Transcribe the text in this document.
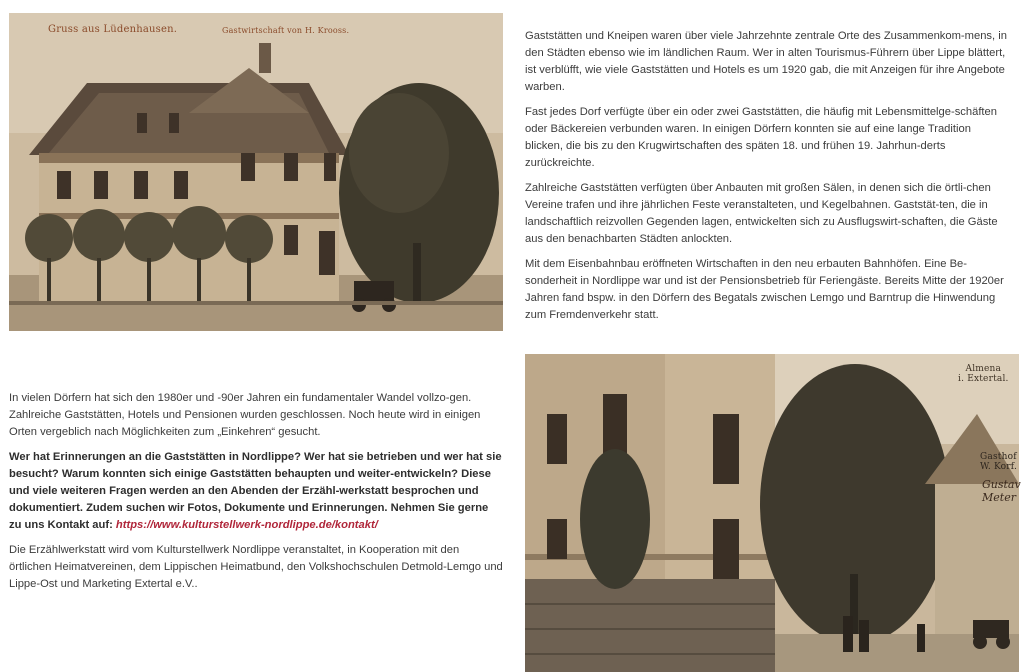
Gruss aus Lüdenhausen.	Gastwirtschaft von H. Krooss.	Gaststätten und Kneipen waren über viele Jahrzehnte zentrale Orte des Zusammenkom-mens, in den Städten ebenso wie im ländlichen Raum. Wer in alten Tourismus-Führern über Lippe blättert, ist verblüfft, wie viele Gaststätten und Hotels es um 1920 gab, die mit Anzeigen für ihre Angebote warben.

Fast jedes Dorf verfügte über ein oder zwei Gaststätten, die häufig mit Lebensmittelge-schäften oder Bäckereien verbunden waren. In einigen Dörfern konnten sie auf eine lange Tradition blicken, die bis zu den Krugwirtschaften des späten 18. und frühen 19. Jahrhun-derts zurückreichte.

Zahlreiche Gaststätten verfügten über Anbauten mit großen Sälen, in denen sich die örtli-chen Vereine trafen und ihre jährlichen Feste veranstalteten, und Kegelbahnen. Gaststät-ten, die in landschaftlich reizvollen Gegenden lagen, entwickelten sich zu Ausflugswirt-schaften, die Gäste aus den benachbarten Städten anlockten.

Mit dem Eisenbahnbau eröffneten Wirtschaften in den neu erbauten Bahnhöfen. Eine Be-sonderheit in Nordlippe war und ist der Pensionsbetrieb für Feriengäste. Bereits Mitte der 1920er Jahren fand bspw. in den Dörfern des Begatals zwischen Lemgo und Barntrup die Hinwendung zum Fremdenverkehr statt.

In vielen Dörfern hat sich den 1980er und -90er Jahren ein fundamentaler Wandel vollzo-gen. Zahlreiche Gaststätten, Hotels und Pensionen wurden geschlossen. Noch heute wird in einigen Orten vergeblich nach Möglichkeiten zum „Einkehren“ gesucht.

Wer hat Erinnerungen an die Gaststätten in Nordlippe? Wer hat sie betrieben und wer hat sie besucht? Warum konnten sich einige Gaststätten behaupten und weiter-entwickeln? Diese und viele weiteren Fragen werden an den Abenden der Erzähl-werkstatt besprochen und dokumentiert. Zudem suchen wir Fotos, Dokumente und Erinnerungen. Nehmen Sie gerne zu uns Kontakt auf: https://www.kulturstellwerk-nordlippe.de/kontakt/

Die Erzählwerkstatt wird vom Kulturstellwerk Nordlippe veranstaltet, in Kooperation mit den örtlichen Heimatvereinen, dem Lippischen Heimatbund, den Volkshochschulen Detmold-Lemgo und Lippe-Ost und Marketing Extertal e.V..

Almena
i. Extertal.
Gasthof
W. Korf.
Gustav
Meter
